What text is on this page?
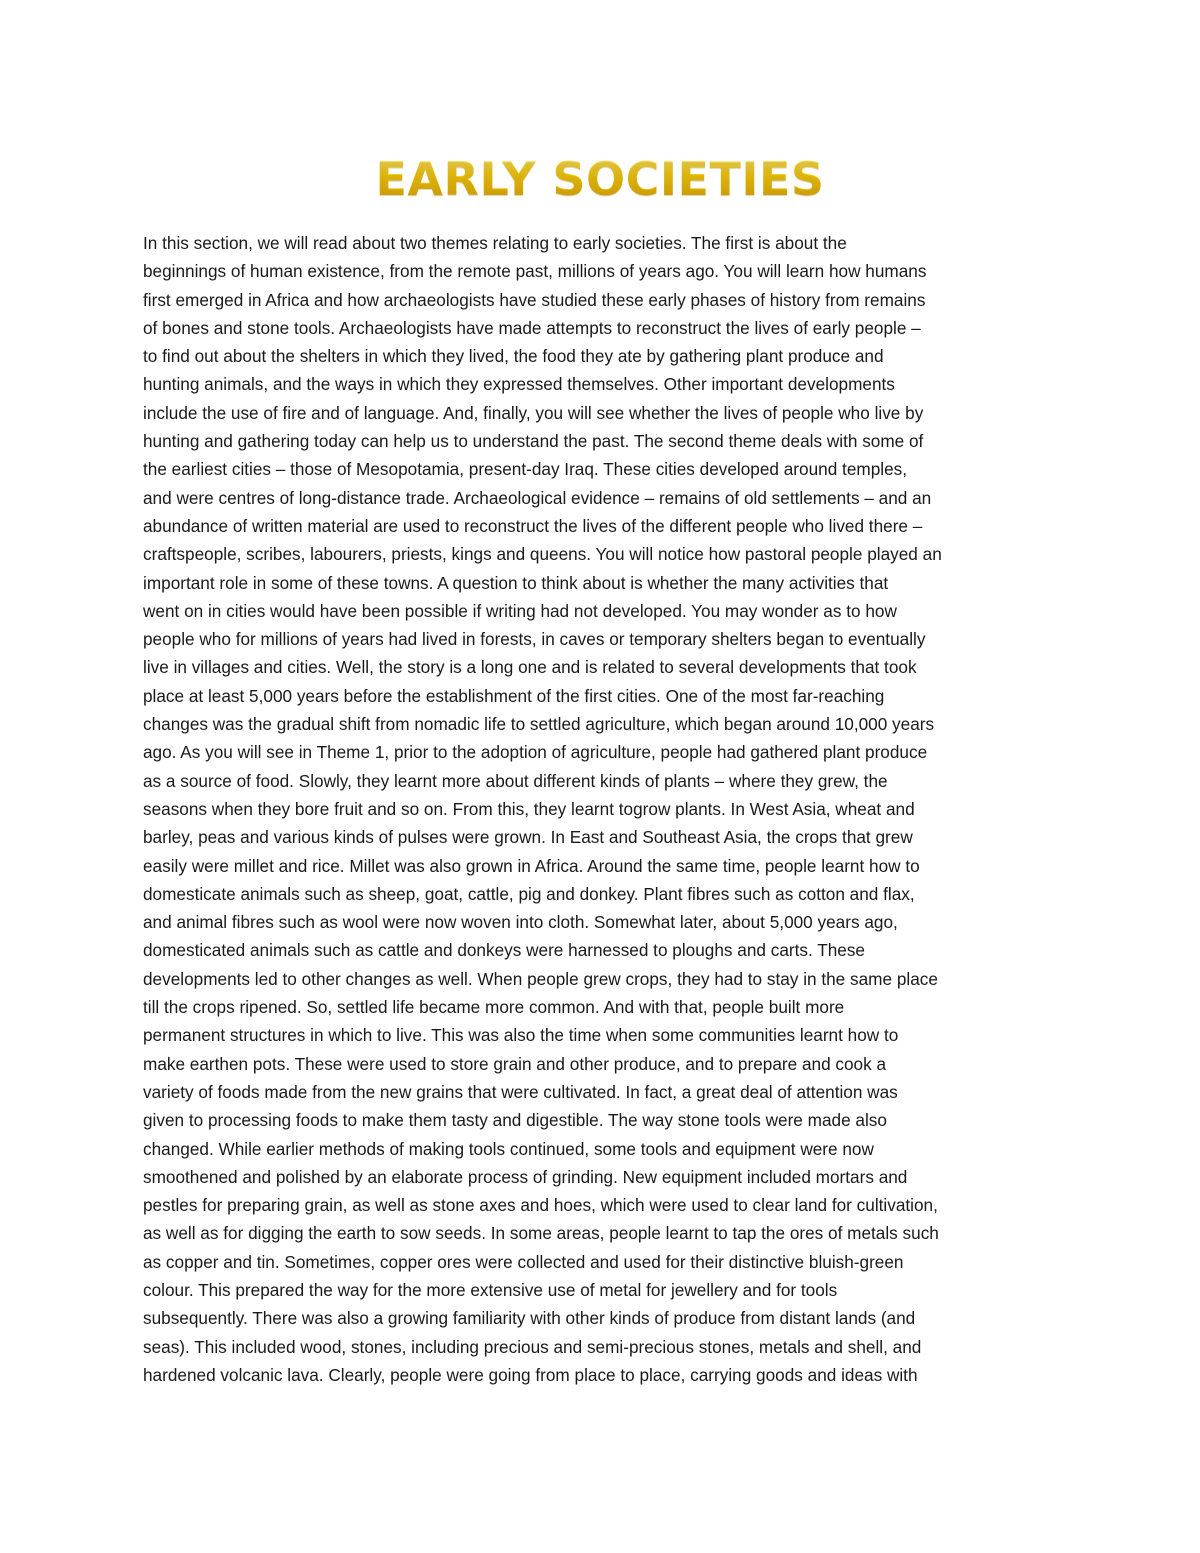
EARLY SOCIETIES
In this section, we will read about two themes relating to early societies. The first is about the
beginnings of human existence, from the remote past, millions of years ago. You will learn how humans
first emerged in Africa and how archaeologists have studied these early phases of history from remains
of bones and stone tools. Archaeologists have made attempts to reconstruct the lives of early people –
to find out about the shelters in which they lived, the food they ate by gathering plant produce and
hunting animals, and the ways in which they expressed themselves. Other important developments
include the use of fire and of language. And, finally, you will see whether the lives of people who live by
hunting and gathering today can help us to understand the past. The second theme deals with some of
the earliest cities – those of Mesopotamia, present-day Iraq. These cities developed around temples,
and were centres of long-distance trade. Archaeological evidence – remains of old settlements – and an
abundance of written material are used to reconstruct the lives of the different people who lived there –
craftspeople, scribes, labourers, priests, kings and queens. You will notice how pastoral people played an
important role in some of these towns. A question to think about is whether the many activities that
went on in cities would have been possible if writing had not developed. You may wonder as to how
people who for millions of years had lived in forests, in caves or temporary shelters began to eventually
live in villages and cities. Well, the story is a long one and is related to several developments that took
place at least 5,000 years before the establishment of the first cities. One of the most far-reaching
changes was the gradual shift from nomadic life to settled agriculture, which began around 10,000 years
ago. As you will see in Theme 1, prior to the adoption of agriculture, people had gathered plant produce
as a source of food. Slowly, they learnt more about different kinds of plants – where they grew, the
seasons when they bore fruit and so on. From this, they learnt togrow plants. In West Asia, wheat and
barley, peas and various kinds of pulses were grown. In East and Southeast Asia, the crops that grew
easily were millet and rice. Millet was also grown in Africa. Around the same time, people learnt how to
domesticate animals such as sheep, goat, cattle, pig and donkey. Plant fibres such as cotton and flax,
and animal fibres such as wool were now woven into cloth. Somewhat later, about 5,000 years ago,
domesticated animals such as cattle and donkeys were harnessed to ploughs and carts. These
developments led to other changes as well. When people grew crops, they had to stay in the same place
till the crops ripened. So, settled life became more common. And with that, people built more
permanent structures in which to live. This was also the time when some communities learnt how to
make earthen pots. These were used to store grain and other produce, and to prepare and cook a
variety of foods made from the new grains that were cultivated. In fact, a great deal of attention was
given to processing foods to make them tasty and digestible. The way stone tools were made also
changed. While earlier methods of making tools continued, some tools and equipment were now
smoothened and polished by an elaborate process of grinding. New equipment included mortars and
pestles for preparing grain, as well as stone axes and hoes, which were used to clear land for cultivation,
as well as for digging the earth to sow seeds. In some areas, people learnt to tap the ores of metals such
as copper and tin. Sometimes, copper ores were collected and used for their distinctive bluish-green
colour. This prepared the way for the more extensive use of metal for jewellery and for tools
subsequently. There was also a growing familiarity with other kinds of produce from distant lands (and
seas). This included wood, stones, including precious and semi-precious stones, metals and shell, and
hardened volcanic lava. Clearly, people were going from place to place, carrying goods and ideas with
